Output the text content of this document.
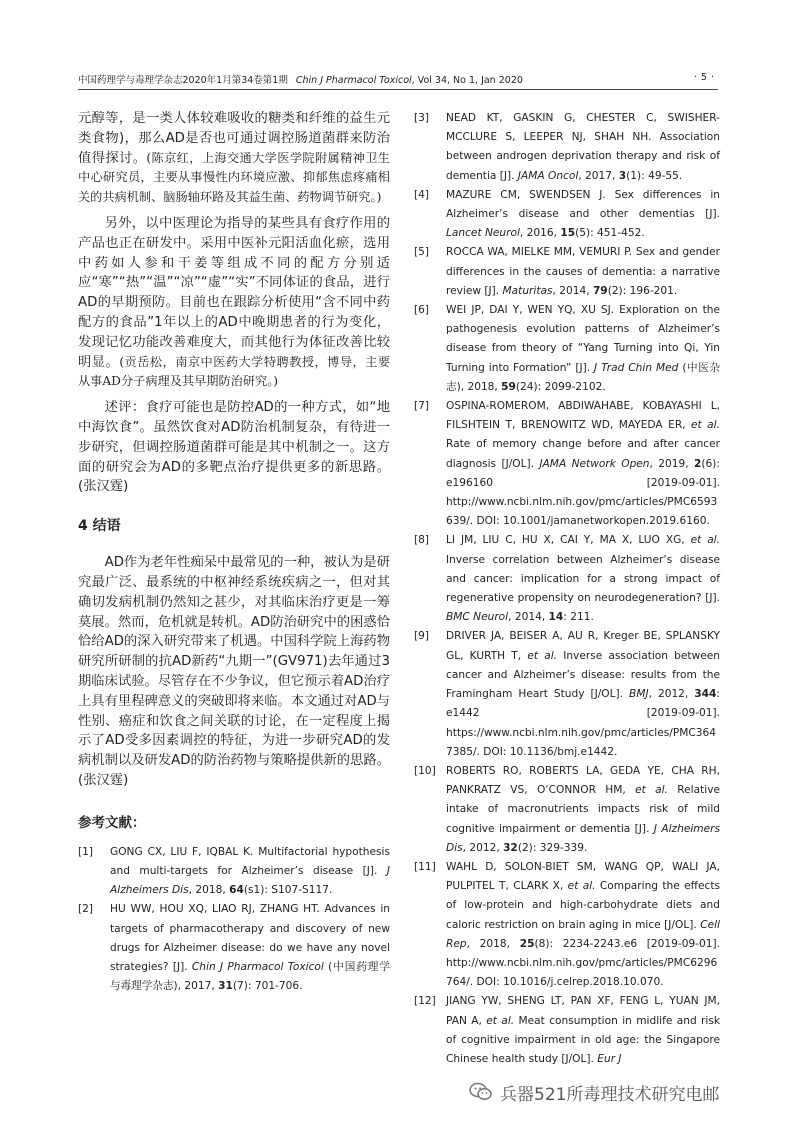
中国药理学与毒理学杂志2020年1月第34卷第1期 Chin J Pharmacol Toxicol, Vol 34, No 1, Jan 2020	·5·

元醇等，是一类人体较难吸收的糖类和纤维的益生元类食物)，那么AD是否也可通过调控肠道菌群来防治值得探讨。(陈京红，上海交通大学医学院附属精神卫生中心研究员，主要从事慢性内环境应激、抑郁焦虑疼痛相关的共病机制、脑肠轴环路及其益生菌、药物调节研究。)

另外，以中医理论为指导的某些具有食疗作用的产品也正在研发中。采用中医补元阳活血化瘀，选用中药如人参和干姜等组成不同的配方分别适应“寒”“热”“温”“凉”“虚”“实”不同体证的食品，进行AD的早期预防。目前也在跟踪分析使用“含不同中药配方的食品”1年以上的AD中晚期患者的行为变化，发现记忆功能改善难度大，而其他行为体征改善比较明显。(贡岳松，南京中医药大学特聘教授，博导，主要从事AD分子病理及其早期防治研究。)

述评：食疗可能也是防控AD的一种方式，如“地中海饮食”。虽然饮食对AD防治机制复杂，有待进一步研究，但调控肠道菌群可能是其中机制之一。这方面的研究会为AD的多靶点治疗提供更多的新思路。(张汉霆)

4 结语

AD作为老年性痴呆中最常见的一种，被认为是研究最广泛、最系统的中枢神经系统疾病之一，但对其确切发病机制仍然知之甚少，对其临床治疗更是一筹莫展。然而，危机就是转机。AD防治研究中的困惑恰恰给AD的深入研究带来了机遇。中国科学院上海药物研究所研制的抗AD新药“九期一”(GV971)去年通过3期临床试验。尽管存在不少争议，但它预示着AD治疗上具有里程碑意义的突破即将来临。本文通过对AD与性别、癌症和饮食之间关联的讨论，在一定程度上揭示了AD受多因素调控的特征，为进一步研究AD的发病机制以及研发AD的防治药物与策略提供新的思路。(张汉霆)

参考文献：
[1]	GONG CX, LIU F, IQBAL K. Multifactorial hypothesis and multi-targets for Alzheimer’s disease [J]. J Alzheimers Dis, 2018, 64(s1): S107-S117.
[2]	HU WW, HOU XQ, LIAO RJ, ZHANG HT. Advances in targets of pharmacotherapy and discovery of new drugs for Alzheimer disease: do we have any novel strategies? [J]. Chin J Pharmacol Toxicol (中国药理学与毒理学杂志), 2017, 31(7): 701-706.
[3]	NEAD KT, GASKIN G, CHESTER C, SWISHER-MCCLURE S, LEEPER NJ, SHAH NH. Association between androgen deprivation therapy and risk of dementia [J]. JAMA Oncol, 2017, 3(1): 49-55.
[4]	MAZURE CM, SWENDSEN J. Sex differences in Alzheimer’s disease and other dementias [J]. Lancet Neurol, 2016, 15(5): 451-452.
[5]	ROCCA WA, MIELKE MM, VEMURI P. Sex and gender differences in the causes of dementia: a narrative review [J]. Maturitas, 2014, 79(2): 196-201.
[6]	WEI JP, DAI Y, WEN YQ, XU SJ. Exploration on the pathogenesis evolution patterns of Alzheimer’s disease from theory of “Yang Turning into Qi, Yin Turning into Formation” [J]. J Trad Chin Med (中医杂志), 2018, 59(24): 2099-2102.
[7]	OSPINA-ROMEROM, ABDIWAHABE, KOBAYASHI L, FILSHTEIN T, BRENOWITZ WD, MAYEDA ER, et al. Rate of memory change before and after cancer diagnosis [J/OL]. JAMA Network Open, 2019, 2(6): e196160 [2019-09-01]. http://www.ncbi.nlm.nih.gov/pmc/articles/PMC6593639/. DOI: 10.1001/jamanetworkopen.2019.6160.
[8]	LI JM, LIU C, HU X, CAI Y, MA X, LUO XG, et al. Inverse correlation between Alzheimer’s disease and cancer: implication for a strong impact of regenerative propensity on neurodegeneration? [J]. BMC Neurol, 2014, 14: 211.
[9]	DRIVER JA, BEISER A, AU R, Kreger BE, SPLANSKY GL, KURTH T, et al. Inverse association between cancer and Alzheimer’s disease: results from the Framingham Heart Study [J/OL]. BMJ, 2012, 344: e1442 [2019-09-01]. https://www.ncbi.nlm.nih.gov/pmc/articles/PMC3647385/. DOI: 10.1136/bmj.e1442.
[10] ROBERTS RO, ROBERTS LA, GEDA YE, CHA RH, PANKRATZ VS, O’CONNOR HM, et al. Relative intake of macronutrients impacts risk of mild cognitive impairment or dementia [J]. J Alzheimers Dis, 2012, 32(2): 329-339.
[11] WAHL D, SOLON-BIET SM, WANG QP, WALI JA, PULPITEL T, CLARK X, et al. Comparing the effects of low-protein and high-carbohydrate diets and caloric restriction on brain aging in mice [J/OL]. Cell Rep, 2018, 25(8): 2234-2243.e6 [2019-09-01]. http://www.ncbi.nlm.nih.gov/pmc/articles/PMC6296764/. DOI: 10.1016/j.celrep.2018.10.070.
[12] JIANG YW, SHENG LT, PAN XF, FENG L, YUAN JM, PAN A, et al. Meat consumption in midlife and risk of cognitive impairment in old age: the Singapore Chinese health study [J/OL]. Eur J
兵器521所毒理技术研究电邮
